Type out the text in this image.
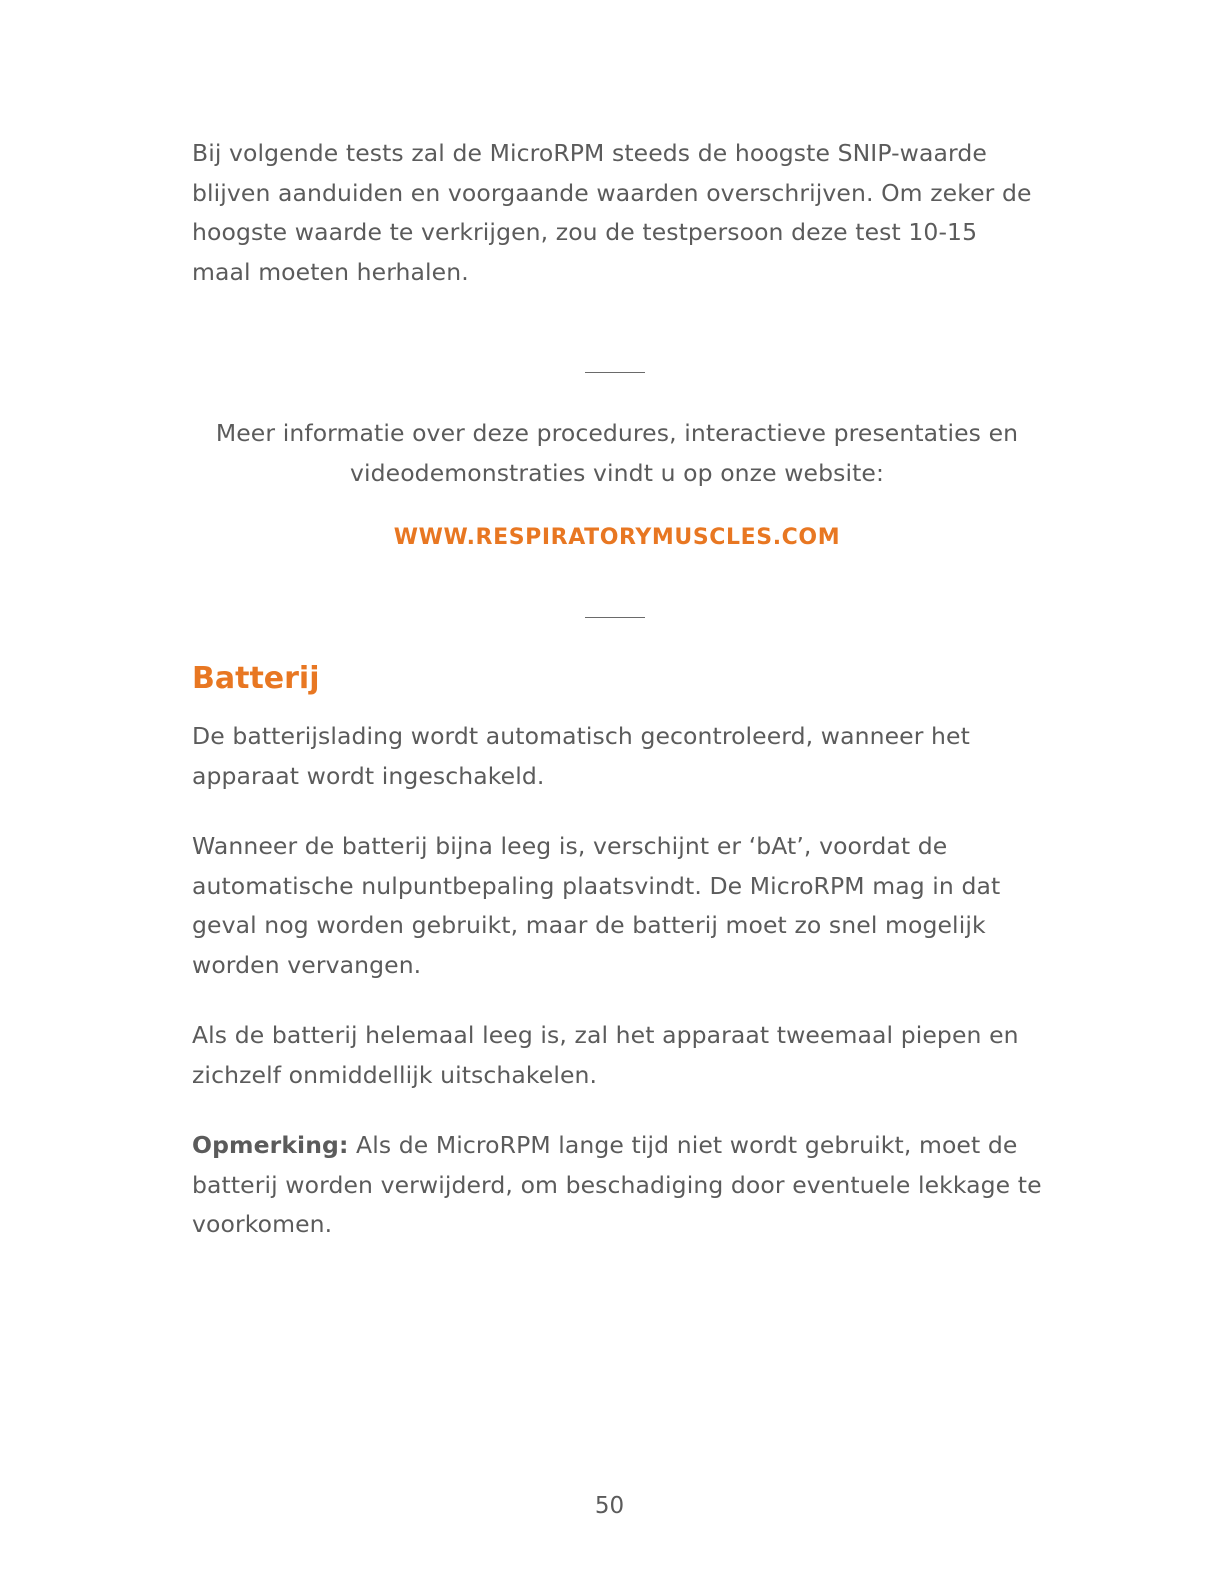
Bij volgende tests zal de MicroRPM steeds de hoogste SNIP-waarde blijven aanduiden en voorgaande waarden overschrijven. Om zeker de hoogste waarde te verkrijgen, zou de testpersoon deze test 10-15 maal moeten herhalen.

Meer informatie over deze procedures, interactieve presentaties en videodemonstraties vindt u op onze website:

WWW.RESPIRATORYMUSCLES.COM
Batterij

De batterijslading wordt automatisch gecontroleerd, wanneer het apparaat wordt ingeschakeld.

Wanneer de batterij bijna leeg is, verschijnt er ‘bAt’, voordat de automatische nulpuntbepaling plaatsvindt. De MicroRPM mag in dat geval nog worden gebruikt, maar de batterij moet zo snel mogelijk worden vervangen.

Als de batterij helemaal leeg is, zal het apparaat tweemaal piepen en zichzelf onmiddellijk uitschakelen.

Opmerking: Als de MicroRPM lange tijd niet wordt gebruikt, moet de batterij worden verwijderd, om beschadiging door eventuele lekkage te voorkomen.

50
